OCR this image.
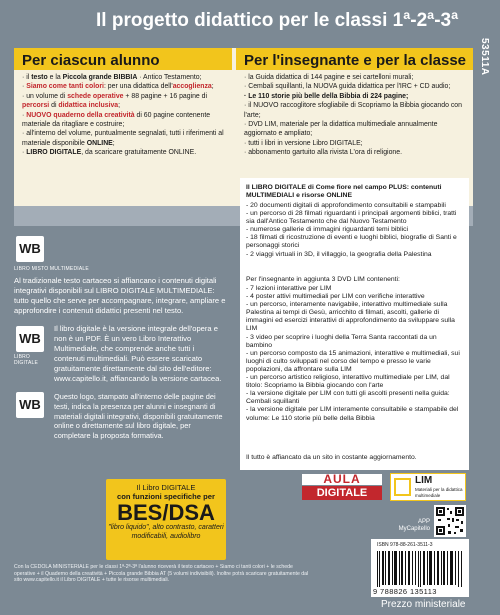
Il progetto didattico per le classi 1ª-2ª-3ª
53511A
Per ciascun alunno
· il testo e la Piccola grande BIBBIA · Antico Testamento;
· Siamo come tanti colori: per una didattica dell'accoglienza;
· un volume di schede operative + 88 pagine + 16 pagine di percorsi di didattica inclusiva;
· NUOVO quaderno della creatività di 60 pagine contenente materiale da ritagliare e costruire;
· all'interno del volume, puntualmente segnalati, tutti i riferimenti al materiale disponibile ONLINE;
· LIBRO DIGITALE, da scaricare gratuitamente ONLINE.
Per l'insegnante e per la classe
· la Guida didattica di 144 pagine e sei cartelloni murali;
· Cembali squillanti, la NUOVA guida didattica per l'IRC + CD audio;
· Le 110 storie più belle della Bibbia di 224 pagine;
· il NUOVO raccoglitore sfogliabile di Scopriamo la Bibbia giocando con l'arte;
· DVD LIM, materiale per la didattica multimediale annualmente aggiornato e ampliato;
· tutti i libri in versione Libro DIGITALE;
· abbonamento gartuito alla rivista L'ora di religione.
WB
LIBRO MISTO MULTIMEDIALE
Al tradizionale testo cartaceo si affiancano i contenuti digitali integrativi disponibili sul LIBRO DIGITALE MULTIMEDIALE: tutto quello che serve per accompagnare, integrare, ampliare e approfondire i contenuti didattici presenti nel testo.
WB
LIBRO DIGITALE
Il libro digitale è la versione integrale dell'opera e non è un PDF. È un vero Libro Interattivo Multimediale, che comprende anche tutti i contenuti multimediali. Può essere scaricato gratuitamente direttamente dal sito dell'editore: www.capitello.it, affiancando la versione cartacea.
WB
Questo logo, stampato all'interno delle pagine dei testi, indica la presenza per alunni e insegnanti di materiali digitali integrativi, disponibili gratuitamente online o direttamente sul libro digitale, per completare la proposta formativa.
Il Libro DIGITALE
con funzioni specifiche per
BES/DSA
"libro liquido", alto contrasto, caratteri modificabili, audiolibro
Il LIBRO DIGITALE di Come fiore nel campo PLUS: contenuti MULTIMEDIALI e risorse ONLINE
- 20 documenti digitali di approfondimento consultabili e stampabili
- un percorso di 28 filmati riguardanti i principali argomenti biblici, tratti sia dall'Antico Testamento che dal Nuovo Testamento
- numerose gallerie di immagini riguardanti temi biblici
- 18 filmati di ricostruzione di eventi e luoghi biblici, biografie di Santi e personaggi storici
- 2 viaggi virtuali in 3D, il villaggio, la geografia della Palestina
Per l'insegnante in aggiunta 3 DVD LIM contenenti:
- 7 lezioni interattive per LIM
- 4 poster attivi multimediali per LIM con verifiche interattive
- un percorso, interamente navigabile, interattivo multimediale sulla Palestina ai tempi di Gesù, arricchito di filmati, ascolti, gallerie di immagini ed esercizi interattivi di approfondimento da sviluppare sulla LIM
- 3 video per scoprire i luoghi della Terra Santa raccontati da un bambino
- un percorso composto da 15 animazioni, interattive e multimediali, sui luoghi di culto sviluppati nel corso del tempo e presso le varie popolazioni, da affrontare sulla LIM
- un percorso artistico religioso, interattivo multimediale per LIM, dal titolo: Scopriamo la Bibbia giocando con l'arte
- la versione digitale per LIM con tutti gli ascolti presenti nella guida: Cembali squillanti
- la versione digitale per LIM interamente consultabile e stampabile del volume: Le 110 storie più belle della Bibbia
Il tutto è affiancato da un sito in costante aggiornamento.
AULA
DIGITALE
LIM
Materiali per la didattica multimediale
APP MyCapitello
ISBN 978-88-261-3511-3
9 788826 135113
Prezzo ministeriale
Con la CEDOLA MINISTERIALE per le classi 1ª-2ª-3ª l'alunno riceverà il testo cartaceo + Siamo ci tanti colori + le schede operative + il Quaderno della creatività + Piccola grande Bibbia AT (5 volumi indivisibili). Inoltre potrà scaricare gratuitamente dal sito www.capitello.it il Libro DIGITALE + tutte le risorse multimediali.
